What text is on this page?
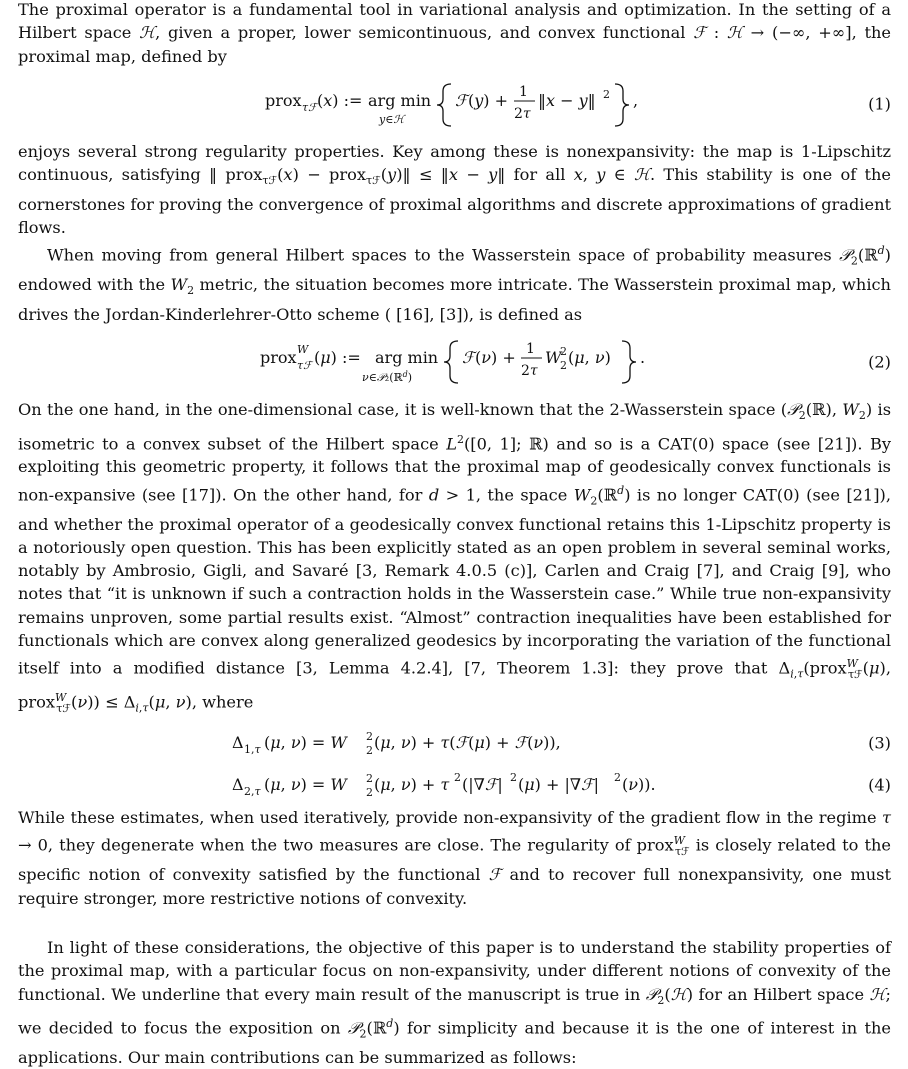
The proximal operator is a fundamental tool in variational analysis and optimization. In the setting of a Hilbert space ℋ, given a proper, lower semicontinuous, and convex functional ℱ : ℋ → (−∞, +∞], the proximal map, defined by

prox τℱ (x) := arg min
y∈ℋ
ℱ (y) + 1
2τ
‖x − y‖ 2 ,	(1)

enjoys several strong regularity properties. Key among these is nonexpansivity: the map is 1-Lipschitz continuous, satisfying ‖ prox$_{\tau ℱ}$(x) − prox$_{\tau ℱ}$(y)‖ ≤ ‖x − y‖ for all x, y ∈ ℋ. This stability is one of the cornerstones for proving the convergence of proximal algorithms and discrete approximations of gradient flows.

When moving from general Hilbert spaces to the Wasserstein space of probability measures 𝒫$_2$(ℝ$^d$) endowed with the $W_2$ metric, the situation becomes more intricate. The Wasserstein proximal map, which drives the Jordan-Kinderlehrer-Otto scheme ( [16], [3]), is defined as

prox W
τℱ (μ) := arg min
ν∈𝒫₂(ℝ$^d$)
ℱ (ν) + 1
2τ
W
2
2 (μ, ν) .	(2)

On the one hand, in the one-dimensional case, it is well-known that the 2-Wasserstein space (𝒫$_2$(ℝ), $W_2$) is isometric to a convex subset of the Hilbert space $L^2([0$, 1]; ℝ) and so is a CAT(0) space (see [21]). By exploiting this geometric property, it follows that the proximal map of geodesically convex functionals is non-expansive (see [17]). On the other hand, for d > 1, the space $W_2(ℝ^d)$ is no longer CAT(0) (see [21]), and whether the proximal operator of a geodesically convex functional retains this 1-Lipschitz property is a notoriously open question. This has been explicitly stated as an open problem in several seminal works, notably by Ambrosio, Gigli, and Savaré [3, Remark 4.0.5 (c)], Carlen and Craig [7], and Craig [9], who notes that “it is unknown if such a contraction holds in the Wasserstein case.” While true non-expansivity remains unproven, some partial results exist. “Almost” contraction inequalities have been established for functionals which are convex along generalized geodesics by incorporating the variation of the functional itself into a modified distance [3, Lemma 4.2.4], [7, Theorem 1.3]: they prove that $\Delta_{i,\tau}(prox^W_{\tau ℱ}(\mu)$, prox$^W_{\tau ℱ}$(ν)) ≤ $\Delta_{i,\tau}(\mu$, ν), where

Δ 1,τ (μ, ν) = W 2
2 (μ, ν) + τ(ℱ(μ) + ℱ(ν)),	(3)
Δ 2,τ (μ, ν) = W 2
2 (μ, ν) + τ 2 (|∇ℱ| 2 (μ) + |∇ℱ| 2 (ν)).	(4)

While these estimates, when used iteratively, provide non-expansivity of the gradient flow in the regime τ → 0, they degenerate when the two measures are close. The regularity of prox$^W_{\tau ℱ}$ is closely related to the specific notion of convexity satisfied by the functional ℱ and to recover full nonexpansivity, one must require stronger, more restrictive notions of convexity.

In light of these considerations, the objective of this paper is to understand the stability properties of the proximal map, with a particular focus on non-expansivity, under different notions of convexity of the functional. We underline that every main result of the manuscript is true in 𝒫$_2$(ℋ) for an Hilbert space ℋ; we decided to focus the exposition on 𝒫$_2$(ℝ$^d$) for simplicity and because it is the one of interest in the applications. Our main contributions can be summarized as follows:
